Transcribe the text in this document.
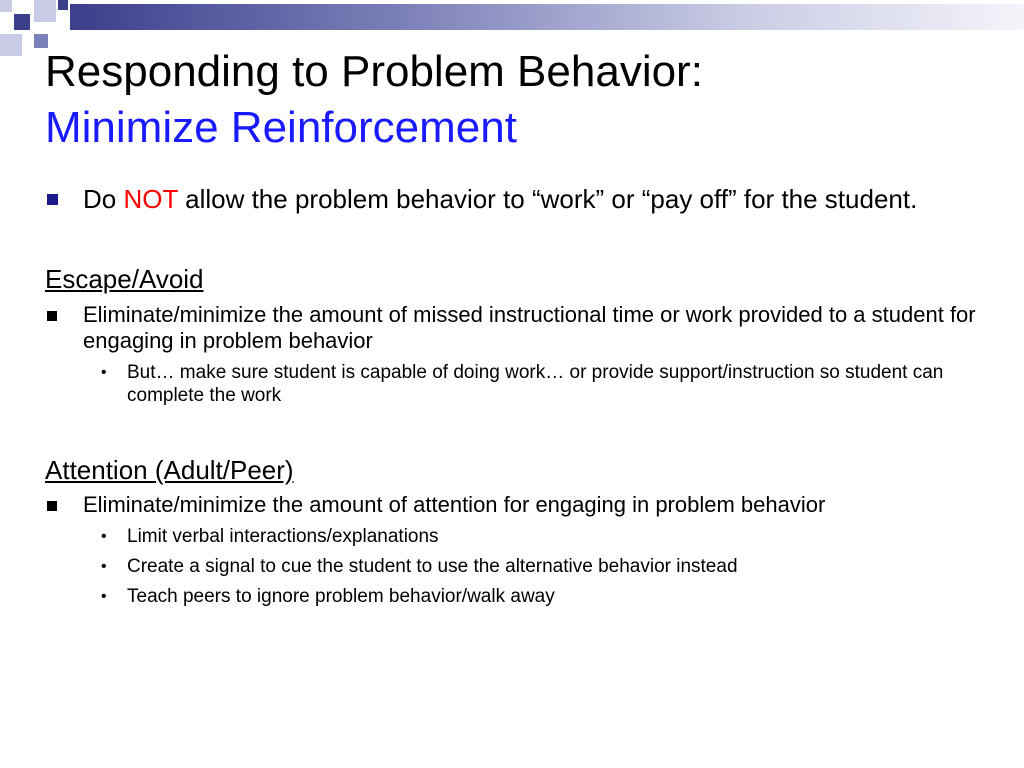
Responding to Problem Behavior:
Minimize Reinforcement
Do NOT allow the problem behavior to “work” or “pay off” for the student.
Escape/Avoid
Eliminate/minimize the amount of missed instructional time or work provided to a student for engaging in problem behavior
• But… make sure student is capable of doing work… or provide support/instruction so student can complete the work
Attention (Adult/Peer)
Eliminate/minimize the amount of attention for engaging in problem behavior
• Limit verbal interactions/explanations
• Create a signal to cue the student to use the alternative behavior instead
• Teach peers to ignore problem behavior/walk away
